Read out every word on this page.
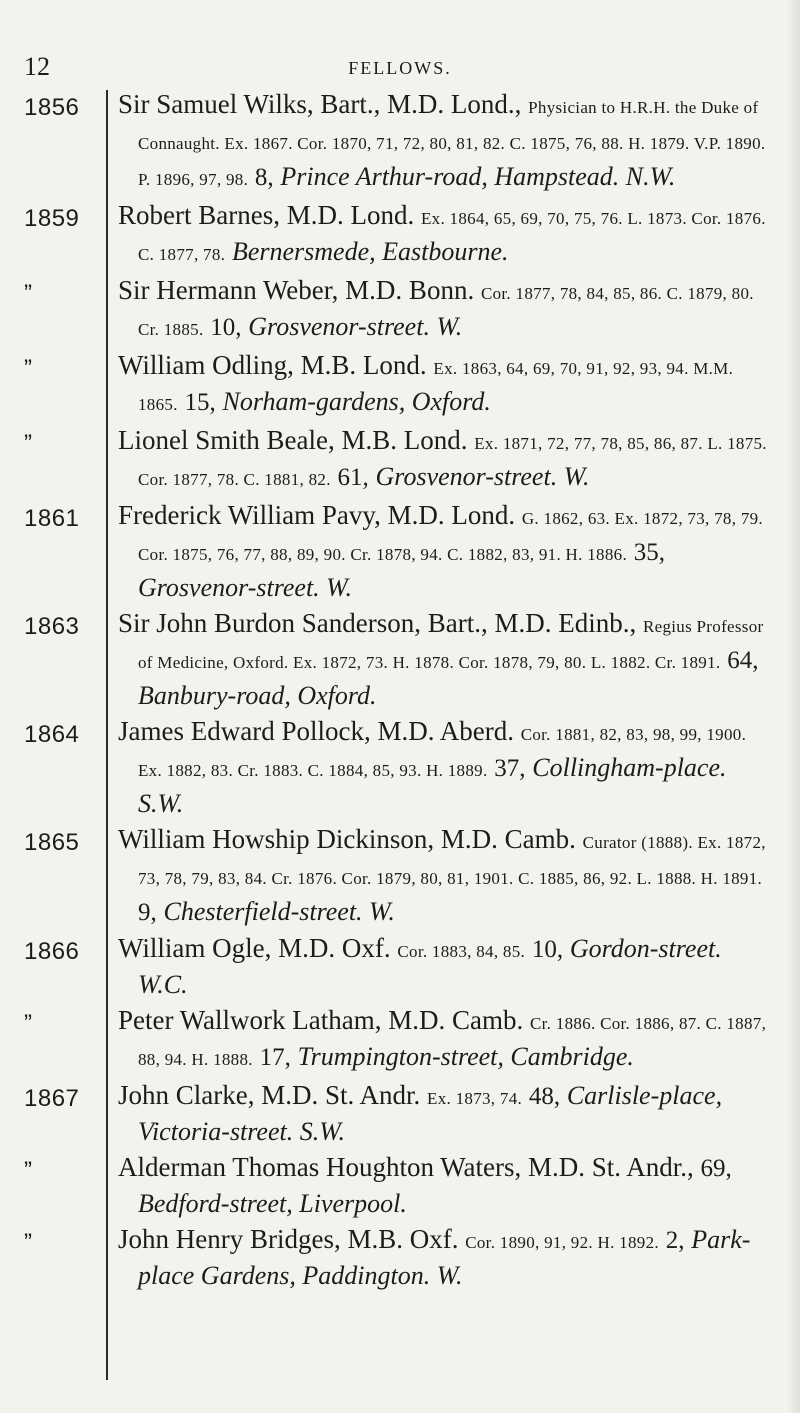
12	FELLOWS.
1856 Sir Samuel Wilks, Bart., M.D. Lond., Physician to H.R.H. the Duke of Connaught. Ex. 1867. Cor. 1870, 71, 72, 80, 81, 82. C. 1875, 76, 88. H. 1879. V.P. 1890. P. 1896, 97, 98. 8, Prince Arthur-road, Hampstead. N.W.
1859 Robert Barnes, M.D. Lond. Ex. 1864, 65, 69, 70, 75, 76. L. 1873. Cor. 1876. C. 1877, 78. Bernersmede, Eastbourne.
”	Sir Hermann Weber, M.D. Bonn. Cor. 1877, 78, 84, 85, 86. C. 1879, 80. Cr. 1885. 10, Grosvenor-street. W.
”	William Odling, M.B. Lond. Ex. 1863, 64, 69, 70, 91, 92, 93, 94. M.M. 1865. 15, Norham-gardens, Oxford.
”	Lionel Smith Beale, M.B. Lond. Ex. 1871, 72, 77, 78, 85, 86, 87. L. 1875. Cor. 1877, 78. C. 1881, 82. 61, Grosvenor-street. W.
1861 Frederick William Pavy, M.D. Lond. G. 1862, 63. Ex. 1872, 73, 78, 79. Cor. 1875, 76, 77, 88, 89, 90. Cr. 1878, 94. C. 1882, 83, 91. H. 1886. 35, Grosvenor-street. W.
1863 Sir John Burdon Sanderson, Bart., M.D. Edinb., Regius Professor of Medicine, Oxford. Ex. 1872, 73. H. 1878. Cor. 1878, 79, 80. L. 1882. Cr. 1891. 64, Banbury-road, Oxford.
1864 James Edward Pollock, M.D. Aberd. Cor. 1881, 82, 83, 98, 99, 1900. Ex. 1882, 83. Cr. 1883. C. 1884, 85, 93. H. 1889. 37, Collingham-place. S.W.
1865 William Howship Dickinson, M.D. Camb. Curator (1888). Ex. 1872, 73, 78, 79, 83, 84. Cr. 1876. Cor. 1879, 80, 81, 1901. C. 1885, 86, 92. L. 1888. H. 1891. 9, Chesterfield-street. W.
1866 William Ogle, M.D. Oxf. Cor. 1883, 84, 85. 10, Gordon-street. W.C.
”	Peter Wallwork Latham, M.D. Camb. Cr. 1886. Cor. 1886, 87. C. 1887, 88, 94. H. 1888. 17, Trumpington-street, Cambridge.
1867 John Clarke, M.D. St. Andr. Ex. 1873, 74. 48, Carlisle-place, Victoria-street. S.W.
”	Alderman Thomas Houghton Waters, M.D. St. Andr., 69, Bedford-street, Liverpool.
”	John Henry Bridges, M.B. Oxf. Cor. 1890, 91, 92. H. 1892. 2, Park-place Gardens, Paddington. W.
